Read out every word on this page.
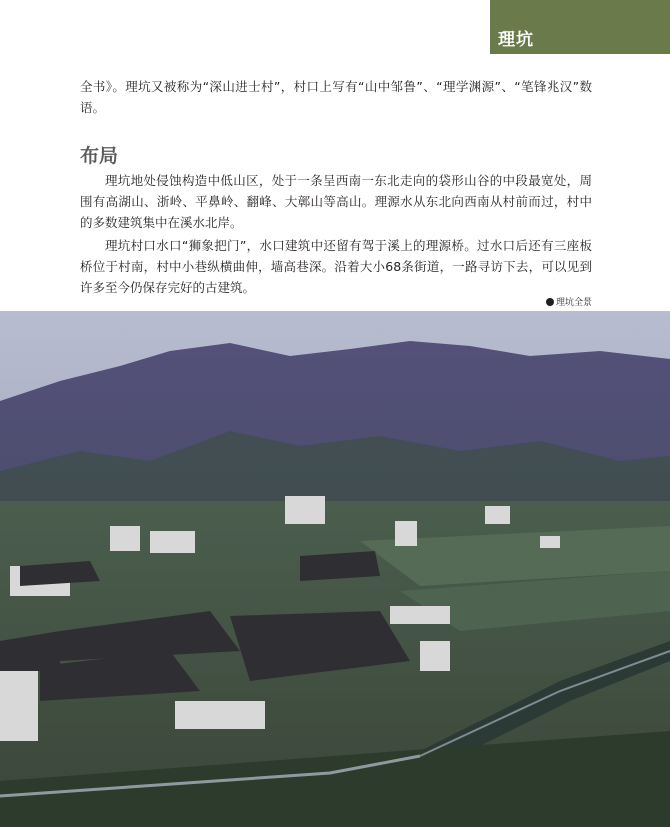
理坑

全书》。理坑又被称为“深山进士村”，村口上写有“山中邹鲁”、“理学渊源”、“笔锋兆汉”数语。

布局

理坑地处侵蚀构造中低山区，处于一条呈西南一东北走向的袋形山谷的中段最宽处，周围有高湖山、浙岭、平鼻岭、翻峰、大鄣山等高山。理源水从东北向西南从村前而过，村中的多数建筑集中在溪水北岸。

理坑村口水口“狮象把门”，水口建筑中还留有驾于溪上的理源桥。过水口后还有三座板桥位于村南，村中小巷纵横曲伸，墙高巷深。沿着大小68条街道，一路寻访下去，可以见到许多至今仍保存完好的古建筑。

理坑全景
